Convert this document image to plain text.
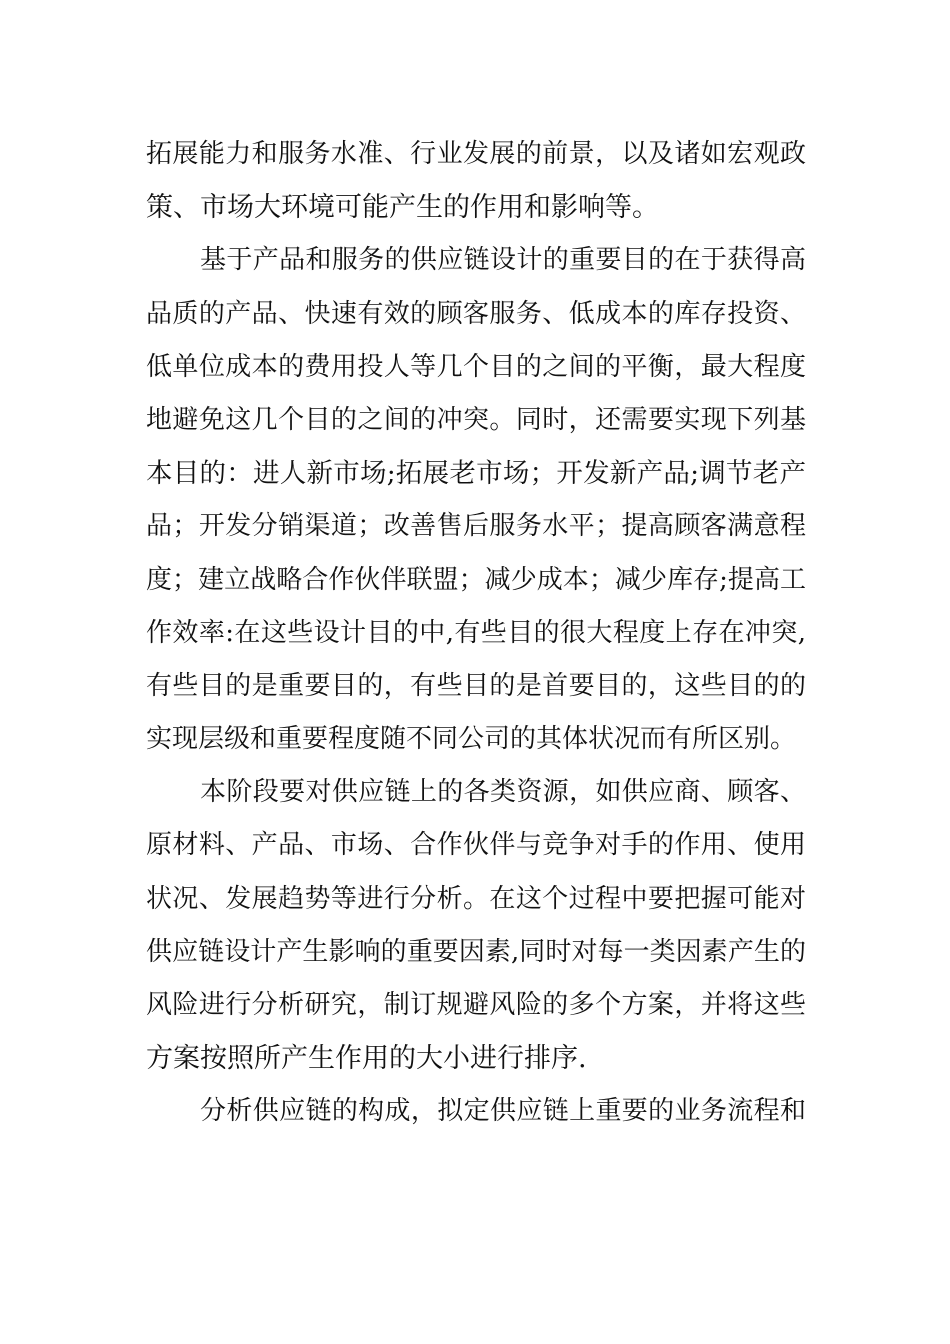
拓展能力和服务水准、行业发展的前景，以及诸如宏观政
策、市场大环境可能产生的作用和影响等。
基于产品和服务的供应链设计的重要目的在于获得高
品质的产品、快速有效的顾客服务、低成本的库存投资、
低单位成本的费用投人等几个目的之间的平衡，最大程度
地避免这几个目的之间的冲突。同时，还需要实现下列基
本目的：进人新市场;拓展老市场；开发新产品;调节老产
品；开发分销渠道；改善售后服务水平；提高顾客满意程
度；建立战略合作伙伴联盟；减少成本；减少库存;提高工
作效率:在这些设计目的中,有些目的很大程度上存在冲突,
有些目的是重要目的，有些目的是首要目的，这些目的的
实现层级和重要程度随不同公司的其体状况而有所区别。
本阶段要对供应链上的各类资源，如供应商、顾客、
原材料、产品、市场、合作伙伴与竞争对手的作用、使用
状况、发展趋势等进行分析。在这个过程中要把握可能对
供应链设计产生影响的重要因素,同时对每一类因素产生的
风险进行分析研究，制订规避风险的多个方案，并将这些
方案按照所产生作用的大小进行排序.
分析供应链的构成，拟定供应链上重要的业务流程和
